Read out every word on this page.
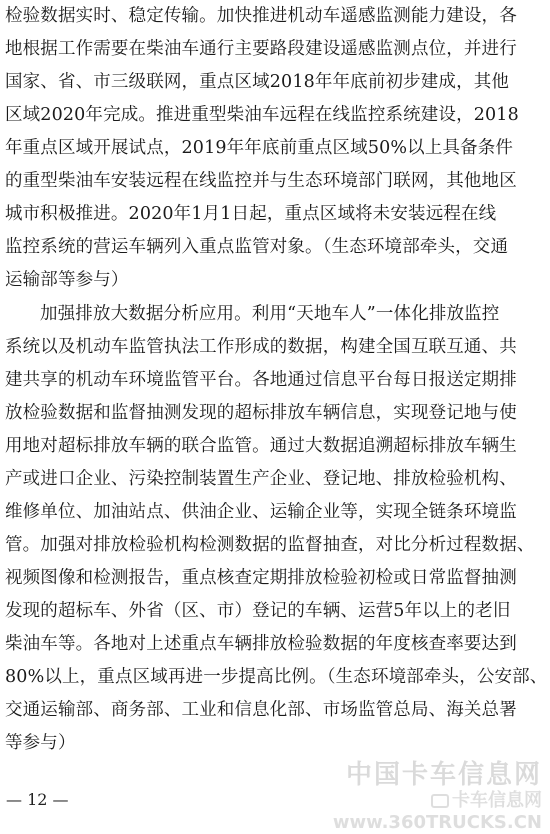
检验数据实时、稳定传输。加快推进机动车遥感监测能力建设，各
地根据工作需要在柴油车通行主要路段建设遥感监测点位，并进行
国家、省、市三级联网，重点区域2018年年底前初步建成，其他
区域2020年完成。推进重型柴油车远程在线监控系统建设，2018
年重点区域开展试点，2019年年底前重点区域50%以上具备条件
的重型柴油车安装远程在线监控并与生态环境部门联网，其他地区
城市积极推进。2020年1月1日起，重点区域将未安装远程在线
监控系统的营运车辆列入重点监管对象。（生态环境部牵头，交通
运输部等参与）
加强排放大数据分析应用。利用“天地车人”一体化排放监控
系统以及机动车监管执法工作形成的数据，构建全国互联互通、共
建共享的机动车环境监管平台。各地通过信息平台每日报送定期排
放检验数据和监督抽测发现的超标排放车辆信息，实现登记地与使
用地对超标排放车辆的联合监管。通过大数据追溯超标排放车辆生
产或进口企业、污染控制装置生产企业、登记地、排放检验机构、
维修单位、加油站点、供油企业、运输企业等，实现全链条环境监
管。加强对排放检验机构检测数据的监督抽查，对比分析过程数据、
视频图像和检测报告，重点核查定期排放检验初检或日常监督抽测
发现的超标车、外省（区、市）登记的车辆、运营5年以上的老旧
柴油车等。各地对上述重点车辆排放检验数据的年度核查率要达到
80%以上，重点区域再进一步提高比例。（生态环境部牵头，公安部、
交通运输部、商务部、工业和信息化部、市场监管总局、海关总署
等参与）
— 12 —
中国卡车信息网
卡车信息网
www.360TRUCKS.CN
